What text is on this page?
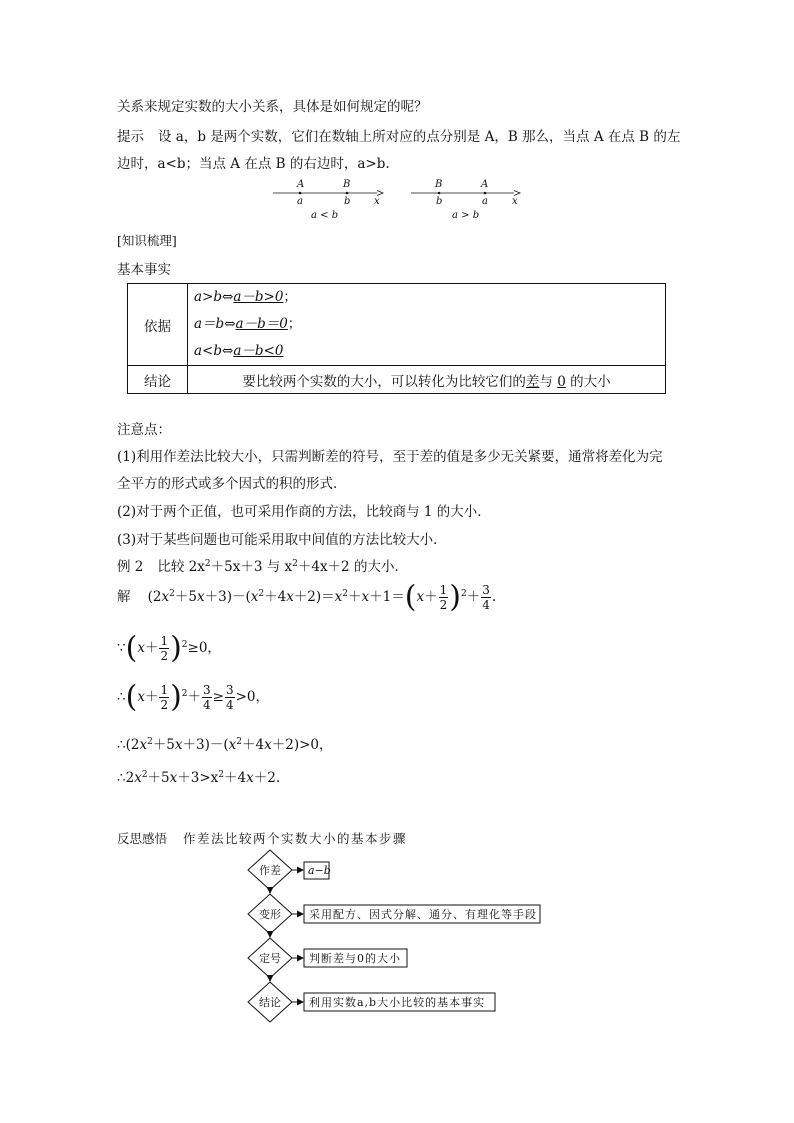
关系来规定实数的大小关系，具体是如何规定的呢？
提示 设 a，b 是两个实数，它们在数轴上所对应的点分别是 A，B 那么，当点 A 在点 B 的左
边时，a<b；当点 A 在点 B 的右边时，a>b.
A	B
a	b x
a < b
B	A
b	a x
a > b
[知识梳理]
基本事实
依据	a>b⇔a－b>0；
a＝b⇔a－b＝0；
a<b⇔a－b<0

结论	要比较两个实数的大小，可以转化为比较它们的差与 0 的大小
注意点：
(1)利用作差法比较大小，只需判断差的符号，至于差的值是多少无关紧要，通常将差化为完
全平方的形式或多个因式的积的形式．
(2)对于两个正值，也可采用作商的方法，比较商与 1 的大小．
(3)对于某些问题也可能采用取中间值的方法比较大小．
例 2 比较 $2x^2+5x+3$ 与 $x^2+4x+2$ 的大小．
解    $(2x^2+5x+3)-(x^2+4x+2)=x^2+x+1=(x+ \frac{1}{2} )^2+ \frac{3}{4}$ .
∵(x＋ $\frac{1}{2} )^2\ge 0$，
∴(x＋ $\frac{1}{2} )^2+ \frac{3}{4} \ge \frac{3}{4} >0$，
$\therefore(2x^2+5x+3)-(x^2+4x+2)>0$，
$\therefore 2x^2+5x+3>x^2+4x+2$.
反思感悟 作差法比较两个实数大小的基本步骤
作差
变形
定号
结论
a−b
采用配方、因式分解、通分、有理化等手段
判断差与0的大小
利用实数a,b大小比较的基本事实
